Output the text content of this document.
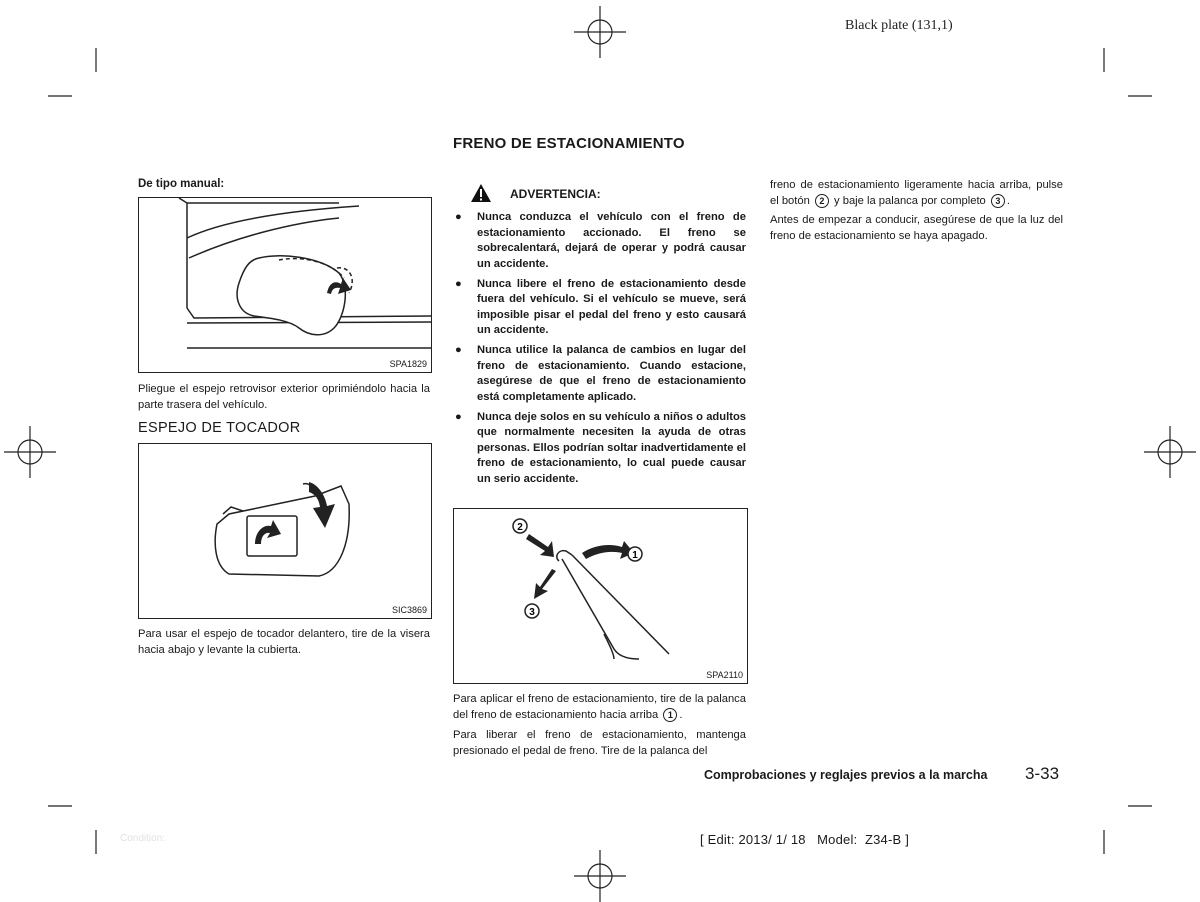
Black plate (131,1)
FRENO DE ESTACIONAMIENTO
De tipo manual:
SPA1829
Pliegue el espejo retrovisor exterior oprimiéndolo hacia la parte trasera del vehículo.
ESPEJO DE TOCADOR
SIC3869
Para usar el espejo de tocador delantero, tire de la visera hacia abajo y levante la cubierta.
ADVERTENCIA:
● Nunca conduzca el vehículo con el freno de estacionamiento accionado. El freno se sobrecalentará, dejará de operar y podrá causar un accidente.
● Nunca libere el freno de estacionamiento desde fuera del vehículo. Si el vehículo se mueve, será imposible pisar el pedal del freno y esto causará un accidente.
● Nunca utilice la palanca de cambios en lugar del freno de estacionamiento. Cuando estacione, asegúrese de que el freno de estacionamiento está completamente aplicado.
● Nunca deje solos en su vehículo a niños o adultos que normalmente necesiten la ayuda de otras personas. Ellos podrían soltar inadvertidamente el freno de estacionamiento, lo cual puede causar un serio accidente.
1
2
3
SPA2110
Para aplicar el freno de estacionamiento, tire de la palanca del freno de estacionamiento hacia arriba 1 .
Para liberar el freno de estacionamiento, mantenga presionado el pedal de freno. Tire de la palanca del
freno de estacionamiento ligeramente hacia arriba, pulse el botón 2 y baje la palanca por completo 3 .
Antes de empezar a conducir, asegúrese de que la luz del freno de estacionamiento se haya apagado.
Comprobaciones y reglajes previos a la marcha 3-33
[ Edit: 2013/ 1/ 18   Model:  Z34-B ]
Condition:
